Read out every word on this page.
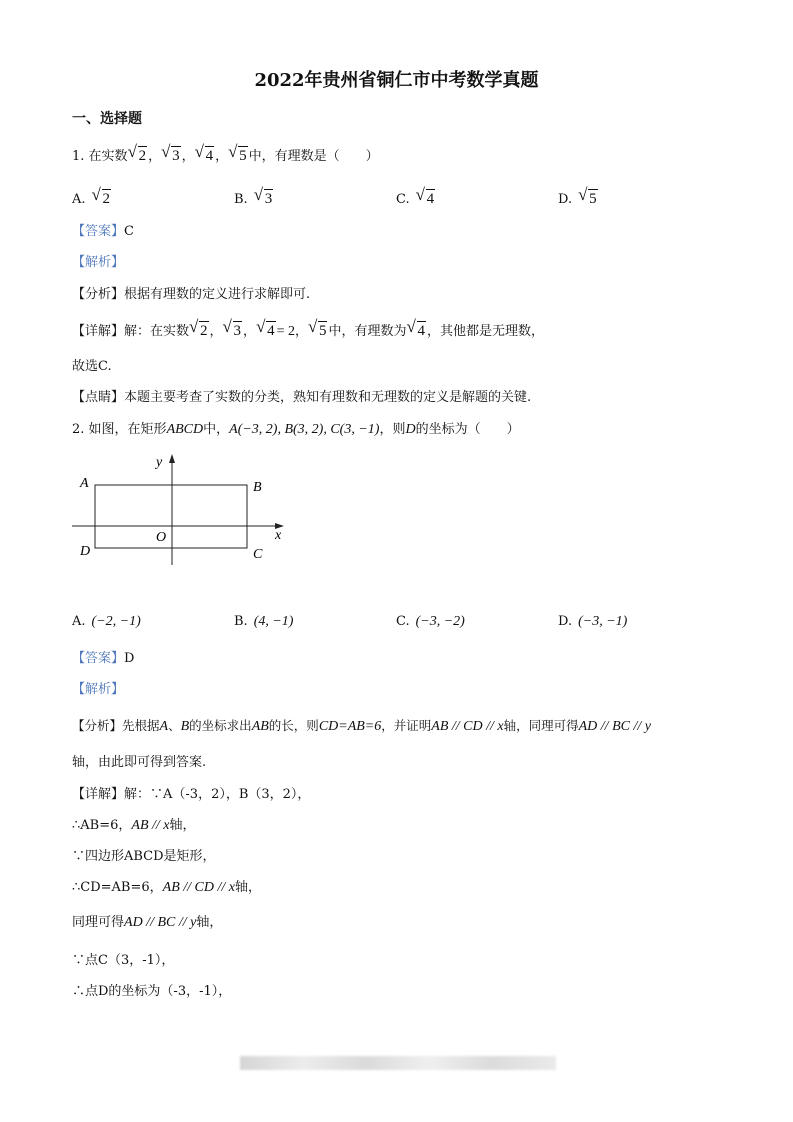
2022年贵州省铜仁市中考数学真题
一、选择题
1. 在实数 √ 2 ， √ 3 ， √ 4 ， √ 5 中，有理数是（　　）
A. √ 2	B. √ 3	C. √ 4	D. √ 5
【答案】C
【解析】
【分析】根据有理数的定义进行求解即可.
【详解】解：在实数 √ 2 ， √ 3 ， √ 4 = 2， √ 5 中，有理数为 √ 4 ，其他都是无理数，
故选C.
【点睛】本题主要考查了实数的分类，熟知有理数和无理数的定义是解题的关键.
2. 如图，在矩形ABCD中，A(−3, 2), B(3, 2), C(3, −1)，则D的坐标为（　　）
y
A	B
O	x
D	C
A. (−2, −1)	B. (4, −1)	C. (−3, −2)	D. (−3, −1)
【答案】D
【解析】
【分析】先根据A、B的坐标求出AB的长，则CD=AB=6，并证明AB // CD // x轴，同理可得AD // BC // y
轴，由此即可得到答案.
【详解】解：∵A（-3，2），B（3，2），
∴AB=6，AB // x轴，
∵四边形ABCD是矩形，
∴CD=AB=6，AB // CD // x轴，
同理可得AD // BC // y轴，
∵点C（3，-1），
∴点D的坐标为（-3，-1），
